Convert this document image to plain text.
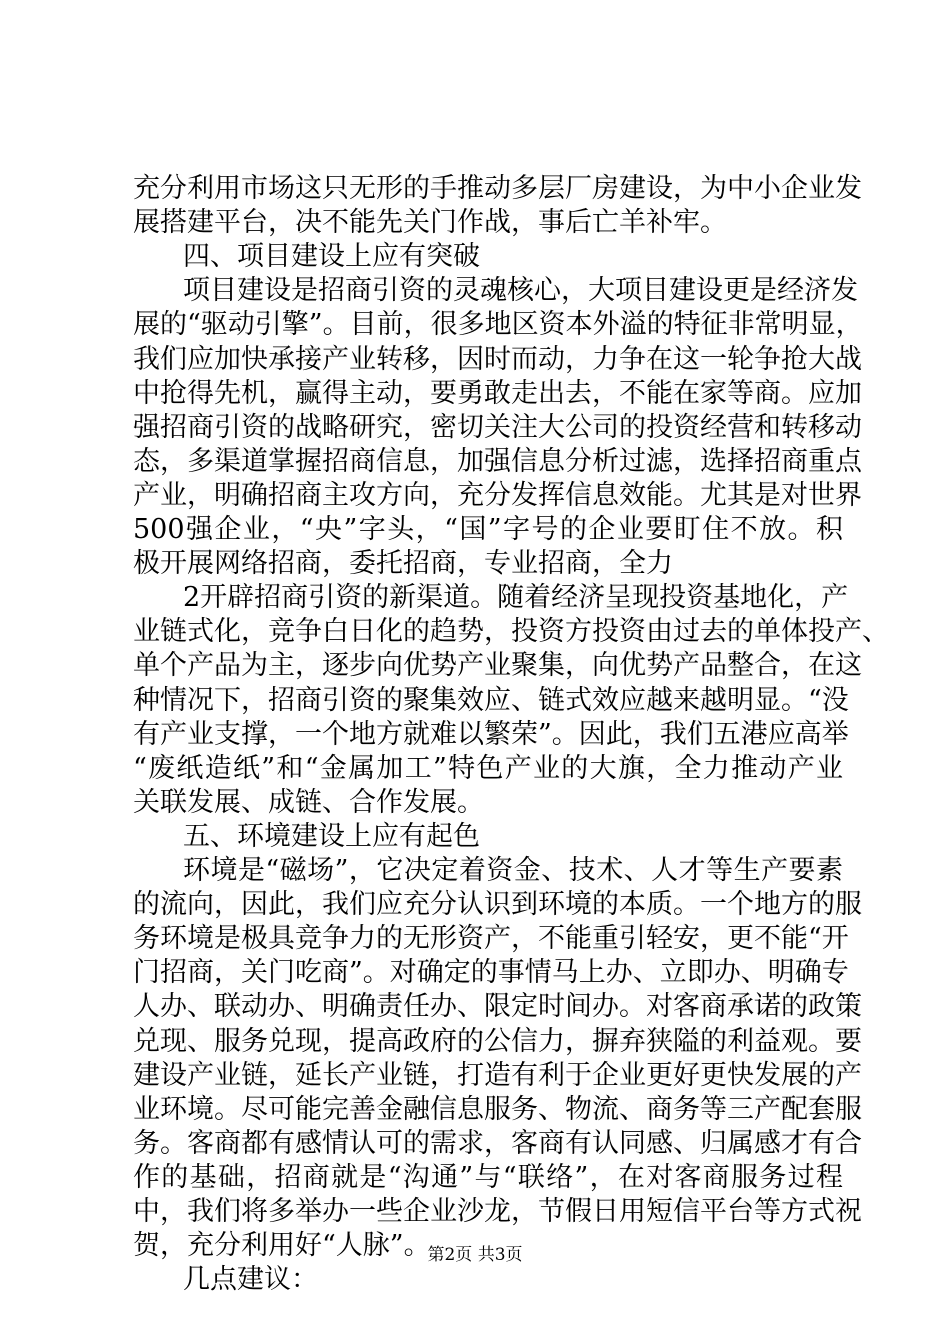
充分利用市场这只无形的手推动多层厂房建设，为中小企业发
展搭建平台，决不能先关门作战，事后亡羊补牢。
四、项目建设上应有突破
项目建设是招商引资的灵魂核心，大项目建设更是经济发
展的“驱动引擎”。目前，很多地区资本外溢的特征非常明显，
我们应加快承接产业转移，因时而动，力争在这一轮争抢大战
中抢得先机，赢得主动，要勇敢走出去，不能在家等商。应加
强招商引资的战略研究，密切关注大公司的投资经营和转移动
态，多渠道掌握招商信息，加强信息分析过滤，选择招商重点
产业，明确招商主攻方向，充分发挥信息效能。尤其是对世界
500强企业，“央”字头，“国”字号的企业要盯住不放。积
极开展网络招商，委托招商，专业招商，全力
2开辟招商引资的新渠道。随着经济呈现投资基地化，产
业链式化，竞争白日化的趋势，投资方投资由过去的单体投产、
单个产品为主，逐步向优势产业聚集，向优势产品整合，在这
种情况下，招商引资的聚集效应、链式效应越来越明显。“没
有产业支撑，一个地方就难以繁荣”。因此，我们五港应高举
“废纸造纸”和“金属加工”特色产业的大旗，全力推动产业
关联发展、成链、合作发展。
五、环境建设上应有起色
环境是“磁场”，它决定着资金、技术、人才等生产要素
的流向，因此，我们应充分认识到环境的本质。一个地方的服
务环境是极具竞争力的无形资产，不能重引轻安，更不能“开
门招商，关门吃商”。对确定的事情马上办、立即办、明确专
人办、联动办、明确责任办、限定时间办。对客商承诺的政策
兑现、服务兑现，提高政府的公信力，摒弃狭隘的利益观。要
建设产业链，延长产业链，打造有利于企业更好更快发展的产
业环境。尽可能完善金融信息服务、物流、商务等三产配套服
务。客商都有感情认可的需求，客商有认同感、归属感才有合
作的基础，招商就是“沟通”与“联络”，在对客商服务过程
中，我们将多举办一些企业沙龙，节假日用短信平台等方式祝
贺，充分利用好“人脉”。
几点建议：
第2页 共3页
